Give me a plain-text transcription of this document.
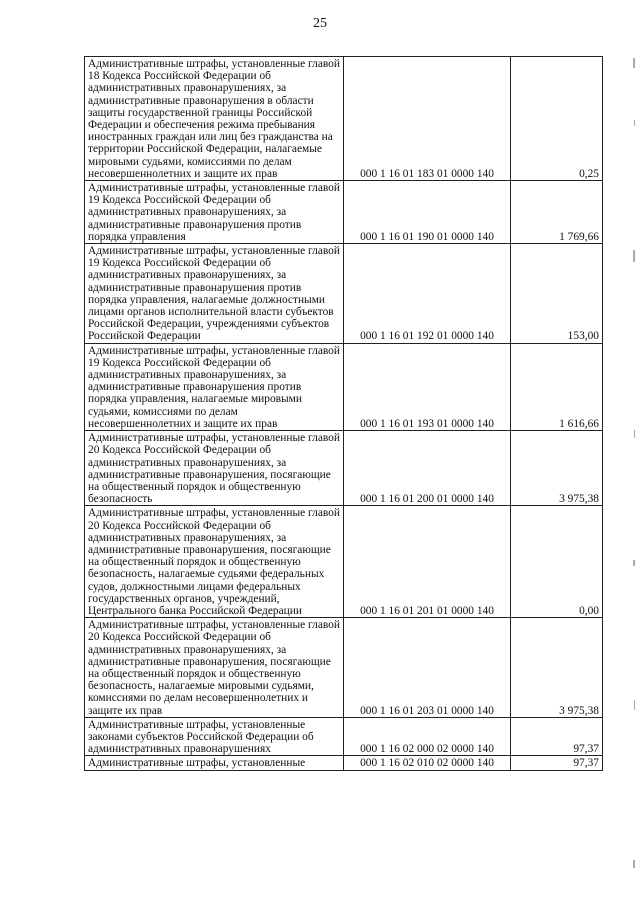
25
Административные штрафы, установленные главой 18 Кодекса Российской Федерации об административных правонарушениях, за административные правонарушения в области защиты государственной границы Российской Федерации и обеспечения режима пребывания иностранных граждан или лиц без гражданства на территории Российской Федерации, налагаемые мировыми судьями, комиссиями по делам несовершеннолетних и защите их прав	000 1 16 01 183 01 0000 140	0,25
Административные штрафы, установленные главой 19 Кодекса Российской Федерации об административных правонарушениях, за административные правонарушения против порядка управления	000 1 16 01 190 01 0000 140	1 769,66
Административные штрафы, установленные главой 19 Кодекса Российской Федерации об административных правонарушениях, за административные правонарушения против порядка управления, налагаемые должностными лицами органов исполнительной власти субъектов Российской Федерации, учреждениями субъектов Российской Федерации	000 1 16 01 192 01 0000 140	153,00
Административные штрафы, установленные главой 19 Кодекса Российской Федерации об административных правонарушениях, за административные правонарушения против порядка управления, налагаемые мировыми судьями, комиссиями по делам несовершеннолетних и защите их прав	000 1 16 01 193 01 0000 140	1 616,66
Административные штрафы, установленные главой 20 Кодекса Российской Федерации об административных правонарушениях, за административные правонарушения, посягающие на общественный порядок и общественную безопасность	000 1 16 01 200 01 0000 140	3 975,38
Административные штрафы, установленные главой 20 Кодекса Российской Федерации об административных правонарушениях, за административные правонарушения, посягающие на общественный порядок и общественную безопасность, налагаемые судьями федеральных судов, должностными лицами федеральных государственных органов, учреждений, Центрального банка Российской Федерации	000 1 16 01 201 01 0000 140	0,00
Административные штрафы, установленные главой 20 Кодекса Российской Федерации об административных правонарушениях, за административные правонарушения, посягающие на общественный порядок и общественную безопасность, налагаемые мировыми судьями, комиссиями по делам несовершеннолетних и защите их прав	000 1 16 01 203 01 0000 140	3 975,38
Административные штрафы, установленные законами субъектов Российской Федерации об административных правонарушениях	000 1 16 02 000 02 0000 140	97,37
Административные штрафы, установленные	000 1 16 02 010 02 0000 140	97,37
